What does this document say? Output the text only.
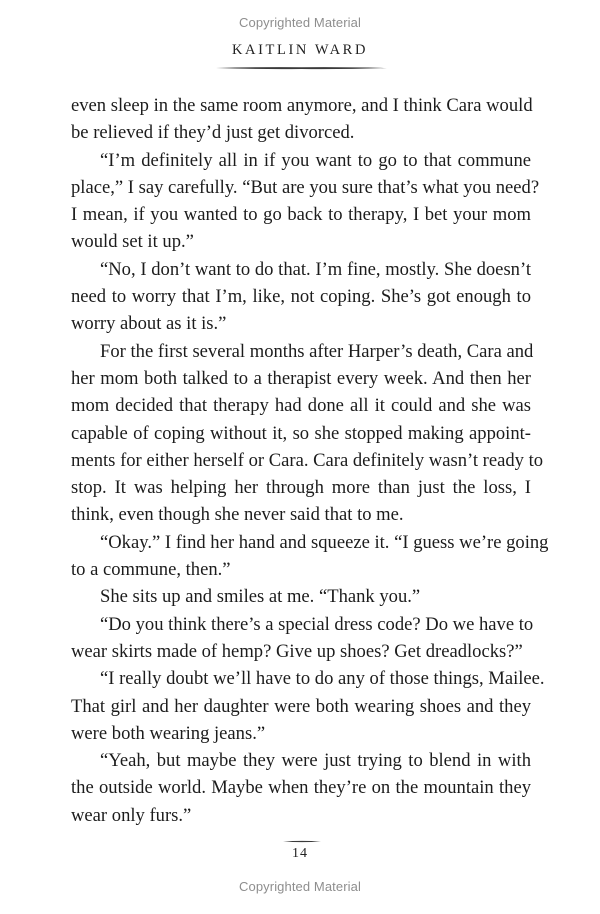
Copyrighted Material
KAITLIN WARD
even sleep in the same room anymore, and I think Cara would
be relieved if they’d just get divorced.
“I’m definitely all in if you want to go to that commune
place,” I say carefully. “But are you sure that’s what you need?
I mean, if you wanted to go back to therapy, I bet your mom
would set it up.”
“No, I don’t want to do that. I’m fine, mostly. She doesn’t
need to worry that I’m, like, not coping. She’s got enough to
worry about as it is.”
For the first several months after Harper’s death, Cara and
her mom both talked to a therapist every week. And then her
mom decided that therapy had done all it could and she was
capable of coping without it, so she stopped making appoint-
ments for either herself or Cara. Cara definitely wasn’t ready to
stop. It was helping her through more than just the loss, I
think, even though she never said that to me.
“Okay.” I find her hand and squeeze it. “I guess we’re going
to a commune, then.”
She sits up and smiles at me. “Thank you.”
“Do you think there’s a special dress code? Do we have to
wear skirts made of hemp? Give up shoes? Get dreadlocks?”
“I really doubt we’ll have to do any of those things, Mailee.
That girl and her daughter were both wearing shoes and they
were both wearing jeans.”
“Yeah, but maybe they were just trying to blend in with
the outside world. Maybe when they’re on the mountain they
wear only furs.”
14
Copyrighted Material
